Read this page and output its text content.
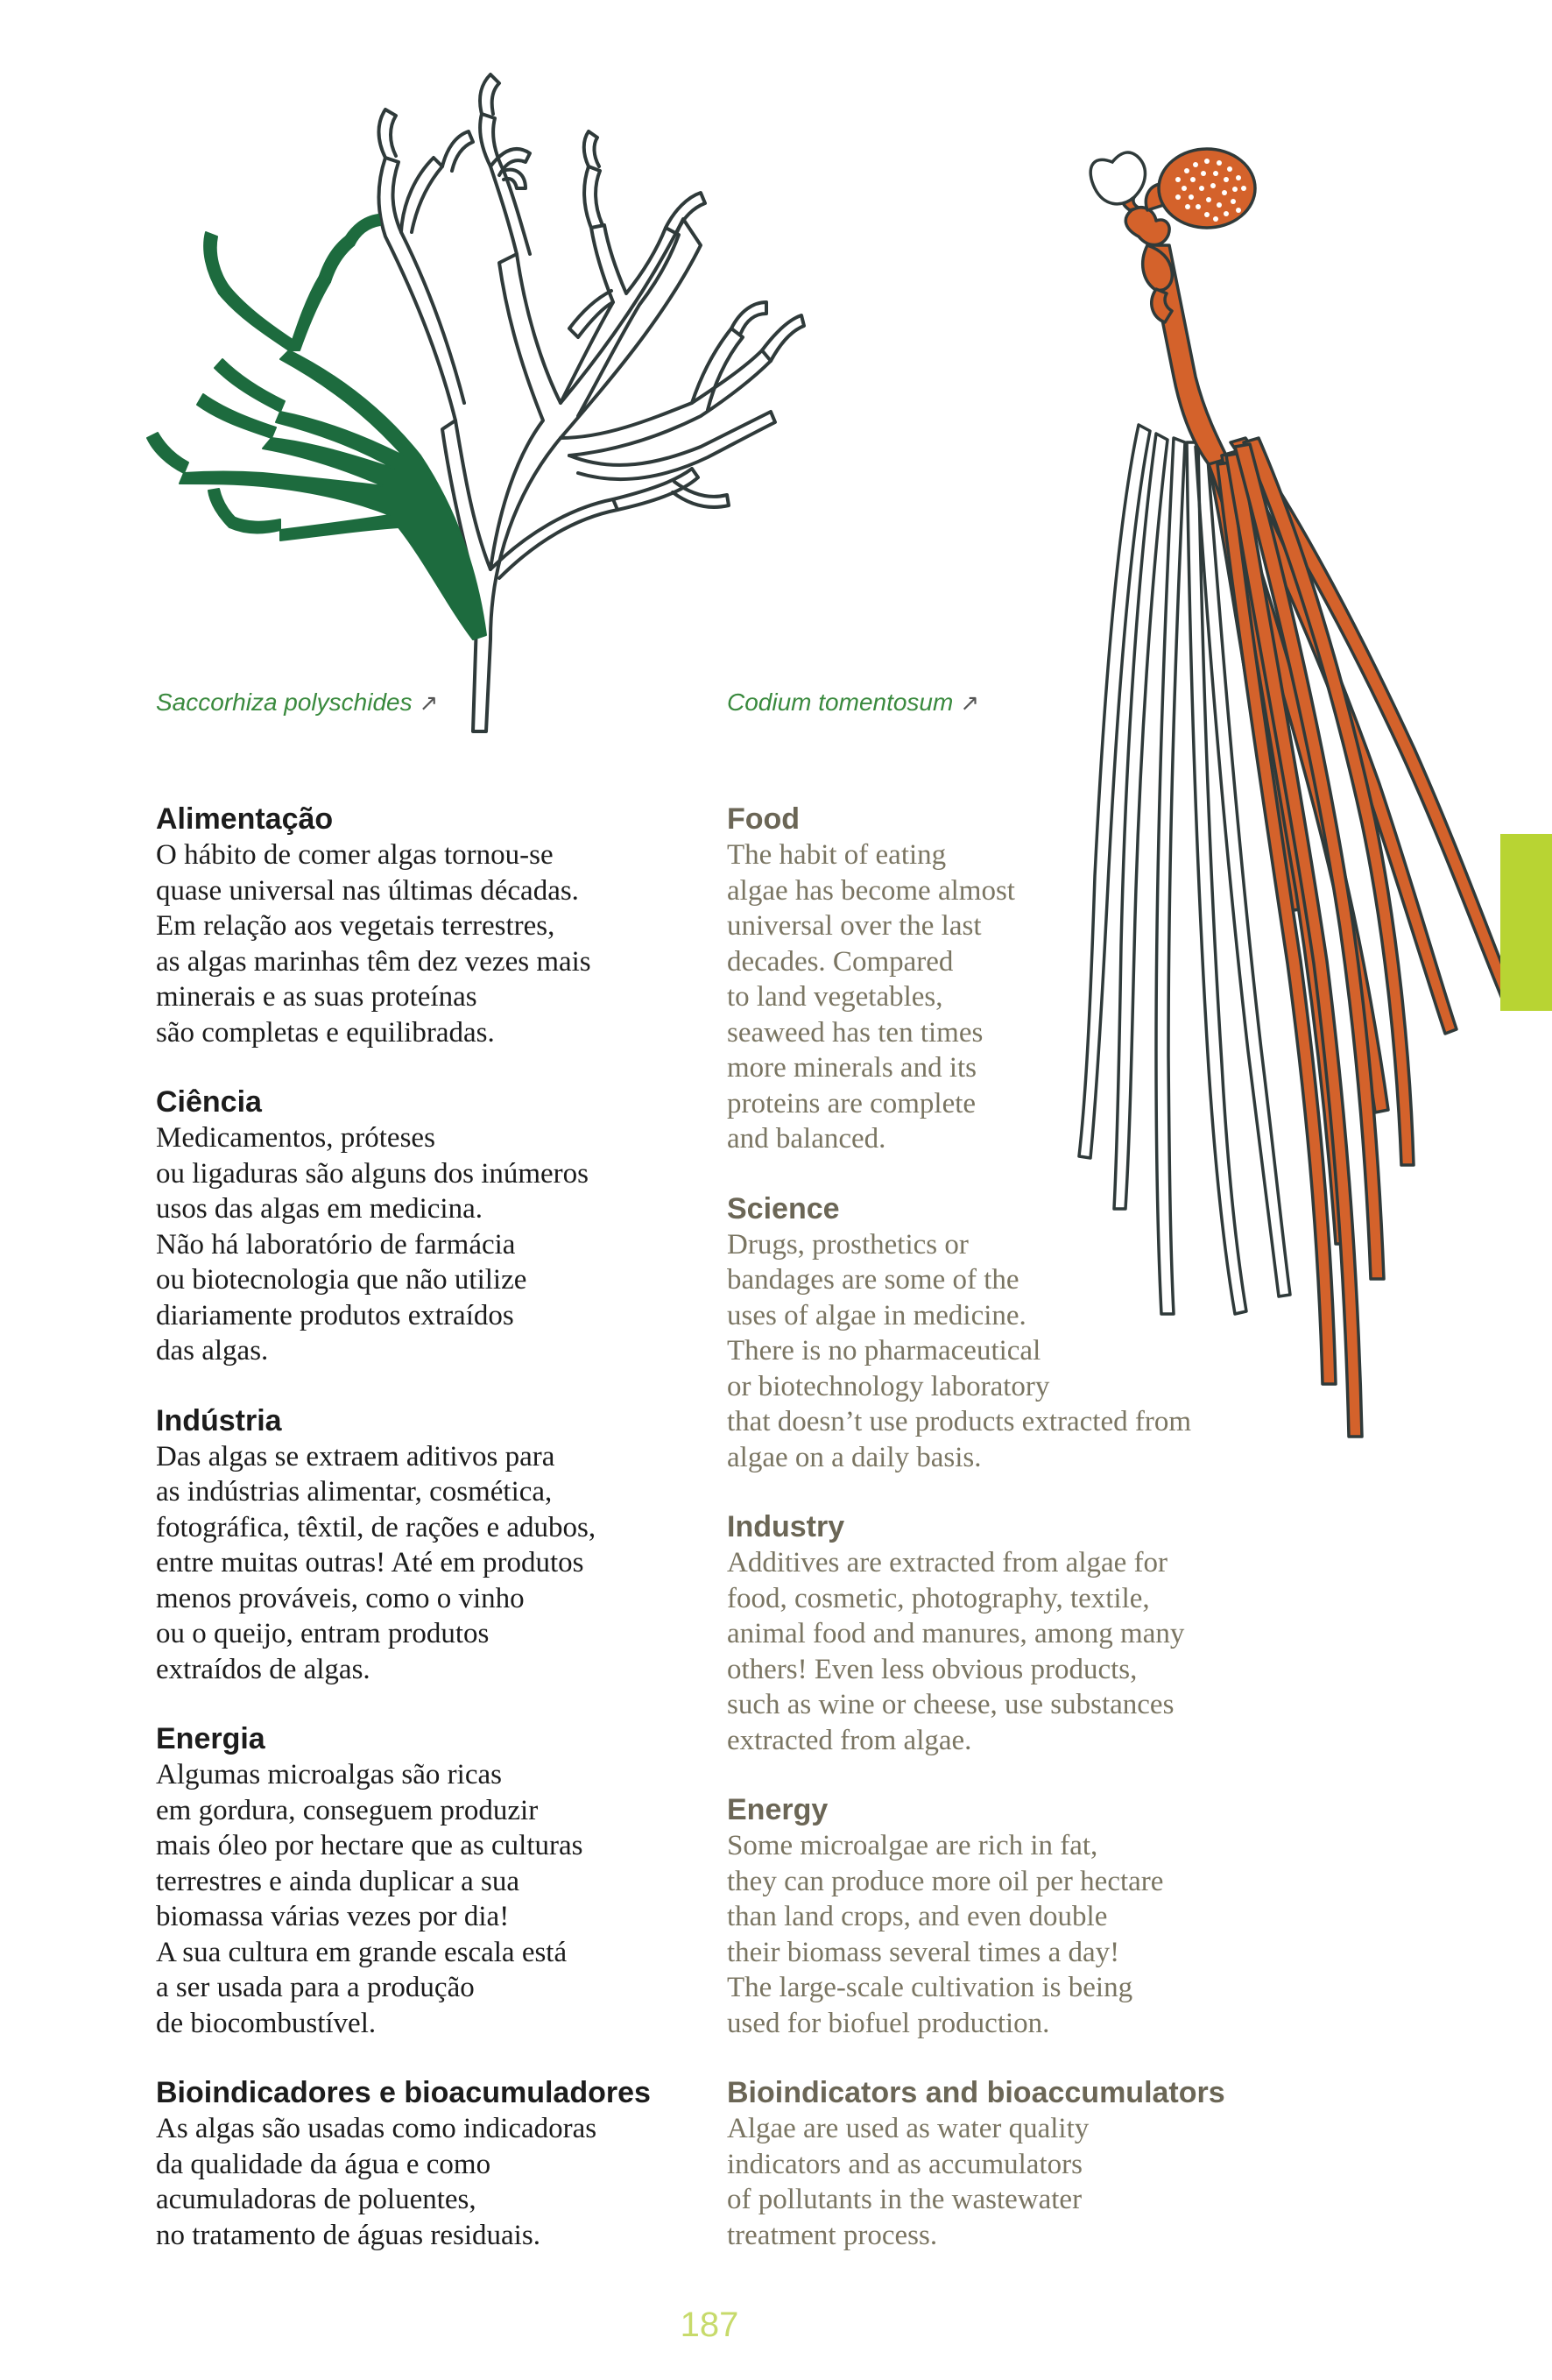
Saccorhiza polyschides ↗	Codium tomentosum ↗
Alimentação

O hábito de comer algas tornou-se
quase universal nas últimas décadas.
Em relação aos vegetais terrestres,
as algas marinhas têm dez vezes mais
minerais e as suas proteínas
são completas e equilibradas.

Ciência

Medicamentos, próteses
ou ligaduras são alguns dos inúmeros
usos das algas em medicina.
Não há laboratório de farmácia
ou biotecnologia que não utilize
diariamente produtos extraídos
das algas.

Indústria

Das algas se extraem aditivos para
as indústrias alimentar, cosmética,
fotográfica, têxtil, de rações e adubos,
entre muitas outras! Até em produtos
menos prováveis, como o vinho
ou o queijo, entram produtos
extraídos de algas.

Energia

Algumas microalgas são ricas
em gordura, conseguem produzir
mais óleo por hectare que as culturas
terrestres e ainda duplicar a sua
biomassa várias vezes por dia!
A sua cultura em grande escala está
a ser usada para a produção
de biocombustível.

Bioindicadores e bioacumuladores

As algas são usadas como indicadoras
da qualidade da água e como
acumuladoras de poluentes,
no tratamento de águas residuais.

Food

The habit of eating
algae has become almost
universal over the last
decades. Compared
to land vegetables,
seaweed has ten times
more minerals and its
proteins are complete
and balanced.

Science

Drugs, prosthetics or
bandages are some of the
uses of algae in medicine.
There is no pharmaceutical
or biotechnology laboratory
that doesn’t use products extracted from
algae on a daily basis.

Industry

Additives are extracted from algae for
food, cosmetic, photography, textile,
animal food and manures, among many
others! Even less obvious products,
such as wine or cheese, use substances
extracted from algae.

Energy

Some microalgae are rich in fat,
they can produce more oil per hectare
than land crops, and even double
their biomass several times a day!
The large-scale cultivation is being
used for biofuel production.

Bioindicators and bioaccumulators

Algae are used as water quality
indicators and as accumulators
of pollutants in the wastewater
treatment process.

187
